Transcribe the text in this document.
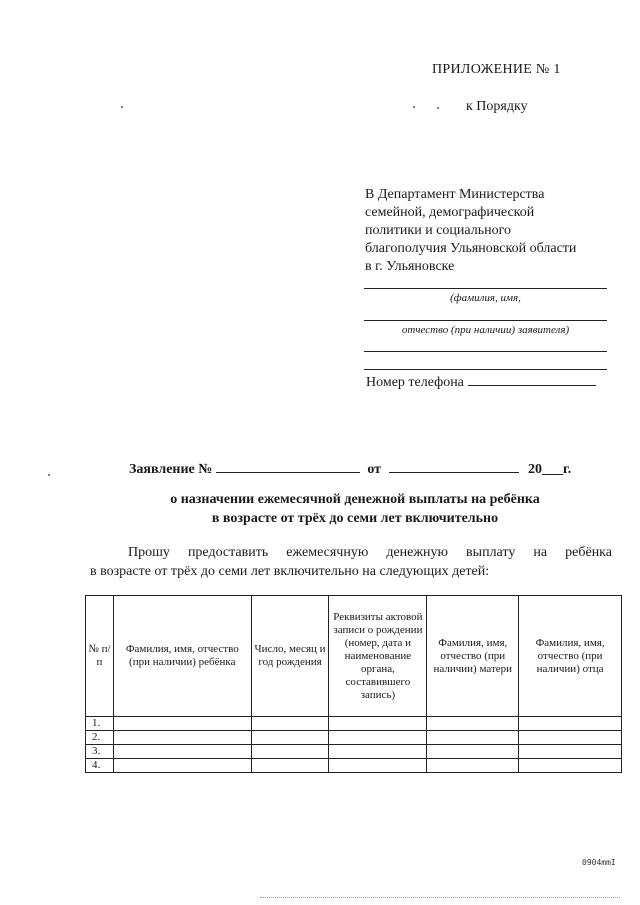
ПРИЛОЖЕНИЕ № 1
к Порядку
В Департамент Министерства
семейной, демографической
политики и социального
благополучия Ульяновской области
в г. Ульяновске
(фамилия, имя,
отчество (при наличии) заявителя)
Номер телефона
Заявление №	от	20___г.
о назначении ежемесячной денежной выплаты на ребёнка
в возрасте от трёх до семи лет включительно
Прошу предоставить ежемесячную денежную выплату на ребёнка
в возрасте от трёх до семи лет включительно на следующих детей:
№ п/п	Фамилия, имя, отчество (при наличии) ребёнка	Число, месяц и год рождения	Реквизиты актовой записи о рождении (номер, дата и наименование органа, составившего запись)	Фамилия, имя, отчество (при наличии) матери	Фамилия, имя, отчество (при наличии) отца
1.					
2.					
3.					
4.					
0904mmI
